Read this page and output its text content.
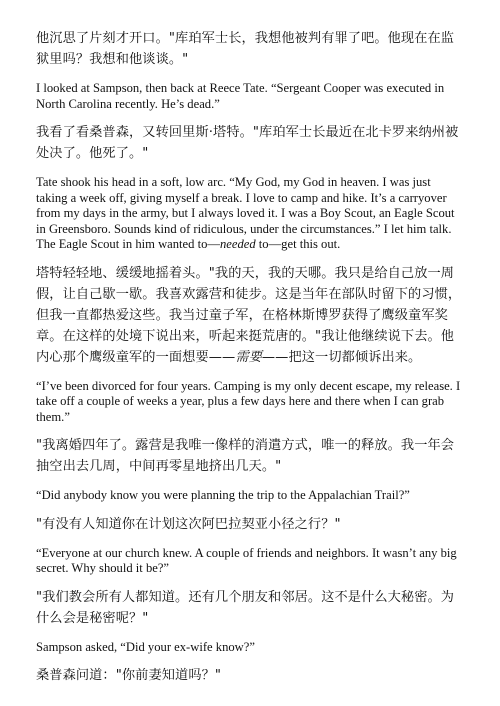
他沉思了片刻才开口。"库珀军士长，我想他被判有罪了吧。他现在在监狱里吗？我想和他谈谈。"

I looked at Sampson, then back at Reece Tate. “Sergeant Cooper was executed in North Carolina recently. He’s dead.”

我看了看桑普森，又转回里斯·塔特。"库珀军士长最近在北卡罗来纳州被处决了。他死了。"

Tate shook his head in a soft, low arc. “My God, my God in heaven. I was just taking a week off, giving myself a break. I love to camp and hike. It’s a carryover from my days in the army, but I always loved it. I was a Boy Scout, an Eagle Scout in Greensboro. Sounds kind of ridiculous, under the circumstances.” I let him talk. The Eagle Scout in him wanted to—needed to—get this out.

塔特轻轻地、缓缓地摇着头。"我的天，我的天哪。我只是给自己放一周假，让自己歇一歇。我喜欢露营和徒步。这是当年在部队时留下的习惯，但我一直都热爱这些。我当过童子军，在格林斯博罗获得了鹰级童军奖章。在这样的处境下说出来，听起来挺荒唐的。"我让他继续说下去。他内心那个鹰级童军的一面想要——需要——把这一切都倾诉出来。

“I’ve been divorced for four years. Camping is my only decent escape, my release. I take off a couple of weeks a year, plus a few days here and there when I can grab them.”

"我离婚四年了。露营是我唯一像样的消遣方式，唯一的释放。我一年会抽空出去几周，中间再零星地挤出几天。"

“Did anybody know you were planning the trip to the Appalachian Trail?”

"有没有人知道你在计划这次阿巴拉契亚小径之行？"

“Everyone at our church knew. A couple of friends and neighbors. It wasn’t any big secret. Why should it be?”

"我们教会所有人都知道。还有几个朋友和邻居。这不是什么大秘密。为什么会是秘密呢？"

Sampson asked, “Did your ex-wife know?”

桑普森问道："你前妻知道吗？"
